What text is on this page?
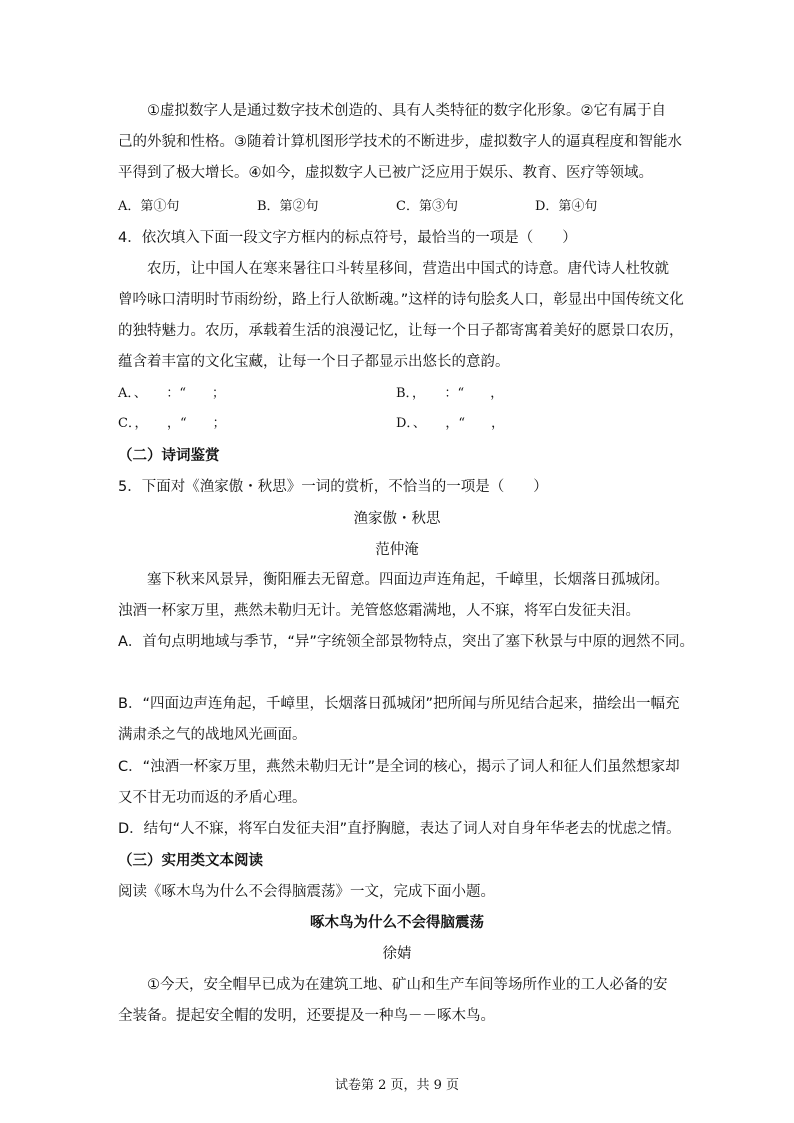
①虚拟数字人是通过数字技术创造的、具有人类特征的数字化形象。②它有属于自
己的外貌和性格。③随着计算机图形学技术的不断进步，虚拟数字人的逼真程度和智能水
平得到了极大增长。④如今，虚拟数字人已被广泛应用于娱乐、教育、医疗等领域。
A．第①句	B．第②句	C．第③句	D．第④句
4．依次填入下面一段文字方框内的标点符号，最恰当的一项是（　　）
农历，让中国人在寒来暑往口斗转星移间，营造出中国式的诗意。唐代诗人杜牧就
曾吟咏口清明时节雨纷纷，路上行人欲断魂。”这样的诗句脍炙人口，彰显出中国传统文化
的独特魅力。农历，承载着生活的浪漫记忆，让每一个日子都寄寓着美好的愿景口农历，
蕴含着丰富的文化宝藏，让每一个日子都显示出悠长的意韵。
A．、　　：“　　；	B．，　　：“　　，
C．，　　，“　　；	D．、　　，“　　，
（二）诗词鉴赏
5．下面对《渔家傲・秋思》一词的赏析，不恰当的一项是（　　）
渔家傲・秋思
范仲淹
塞下秋来风景异，衡阳雁去无留意。四面边声连角起，千嶂里，长烟落日孤城闭。
浊酒一杯家万里，燕然未勒归无计。羌管悠悠霜满地，人不寐，将军白发征夫泪。
A．首句点明地域与季节，“异”字统领全部景物特点，突出了塞下秋景与中原的迥然不同。
B．“四面边声连角起，千嶂里，长烟落日孤城闭”把所闻与所见结合起来，描绘出一幅充
满肃杀之气的战地风光画面。
C．“浊酒一杯家万里，燕然未勒归无计”是全词的核心，揭示了词人和征人们虽然想家却
又不甘无功而返的矛盾心理。
D．结句“人不寐，将军白发征夫泪”直抒胸臆，表达了词人对自身年华老去的忧虑之情。
（三）实用类文本阅读
阅读《啄木鸟为什么不会得脑震荡》一文，完成下面小题。
啄木鸟为什么不会得脑震荡
徐婧
①今天，安全帽早已成为在建筑工地、矿山和生产车间等场所作业的工人必备的安
全装备。提起安全帽的发明，还要提及一种鸟－－啄木鸟。
试卷第 2 页，共 9 页
